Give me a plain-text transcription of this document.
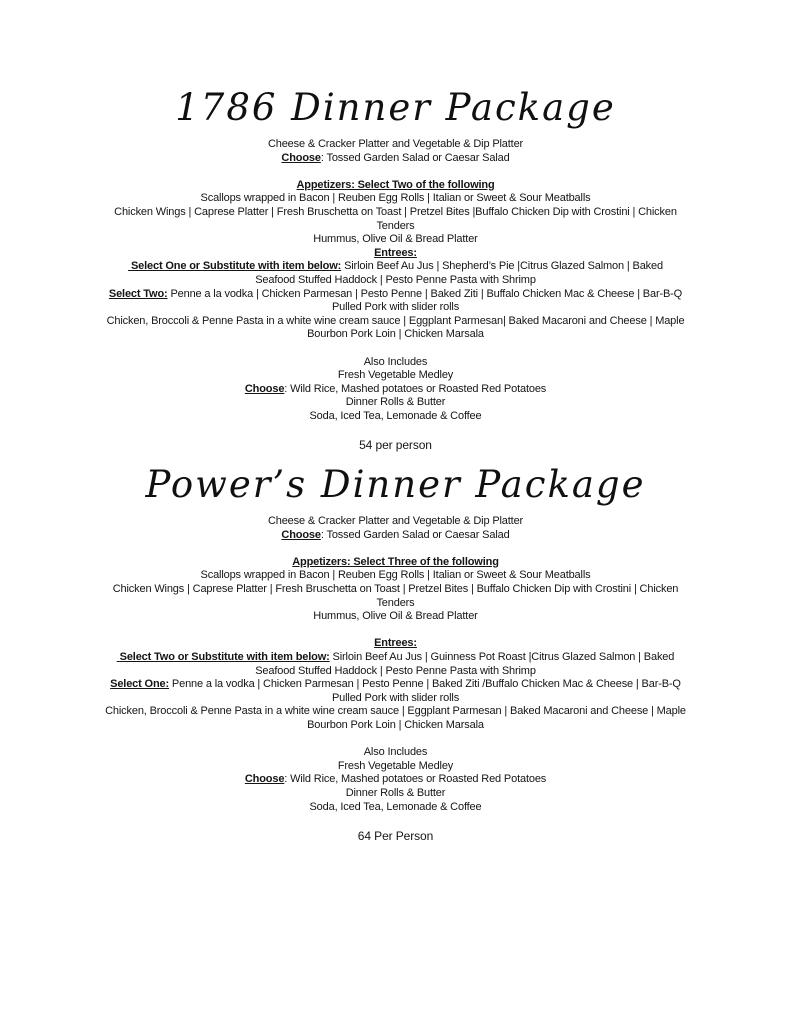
1786 Dinner Package
Cheese & Cracker Platter and Vegetable & Dip Platter
Choose: Tossed Garden Salad or Caesar Salad
Appetizers: Select Two of the following
Scallops wrapped in Bacon | Reuben Egg Rolls | Italian or Sweet & Sour Meatballs
Chicken Wings | Caprese Platter | Fresh Bruschetta on Toast | Pretzel Bites |Buffalo Chicken Dip with Crostini | Chicken
Tenders
Hummus, Olive Oil & Bread Platter
Entrees:
Select One or Substitute with item below: Sirloin Beef Au Jus | Shepherd’s Pie |Citrus Glazed Salmon | Baked
Seafood Stuffed Haddock | Pesto Penne Pasta with Shrimp
Select Two: Penne a la vodka | Chicken Parmesan | Pesto Penne | Baked Ziti | Buffalo Chicken Mac & Cheese | Bar-B-Q
Pulled Pork with slider rolls
Chicken, Broccoli & Penne Pasta in a white wine cream sauce | Eggplant Parmesan| Baked Macaroni and Cheese | Maple
Bourbon Pork Loin | Chicken Marsala
Also Includes
Fresh Vegetable Medley
Choose: Wild Rice, Mashed potatoes or Roasted Red Potatoes
Dinner Rolls & Butter
Soda, Iced Tea, Lemonade & Coffee
54 per person
Power’s Dinner Package
Cheese & Cracker Platter and Vegetable & Dip Platter
Choose: Tossed Garden Salad or Caesar Salad
Appetizers: Select Three of the following
Scallops wrapped in Bacon | Reuben Egg Rolls | Italian or Sweet & Sour Meatballs
Chicken Wings | Caprese Platter | Fresh Bruschetta on Toast | Pretzel Bites | Buffalo Chicken Dip with Crostini | Chicken
Tenders
Hummus, Olive Oil & Bread Platter
Entrees:
Select Two or Substitute with item below: Sirloin Beef Au Jus | Guinness Pot Roast |Citrus Glazed Salmon | Baked
Seafood Stuffed Haddock | Pesto Penne Pasta with Shrimp
Select One: Penne a la vodka | Chicken Parmesan | Pesto Penne | Baked Ziti /Buffalo Chicken Mac & Cheese | Bar-B-Q
Pulled Pork with slider rolls
Chicken, Broccoli & Penne Pasta in a white wine cream sauce | Eggplant Parmesan | Baked Macaroni and Cheese | Maple
Bourbon Pork Loin | Chicken Marsala
Also Includes
Fresh Vegetable Medley
Choose: Wild Rice, Mashed potatoes or Roasted Red Potatoes
Dinner Rolls & Butter
Soda, Iced Tea, Lemonade & Coffee
64 Per Person
